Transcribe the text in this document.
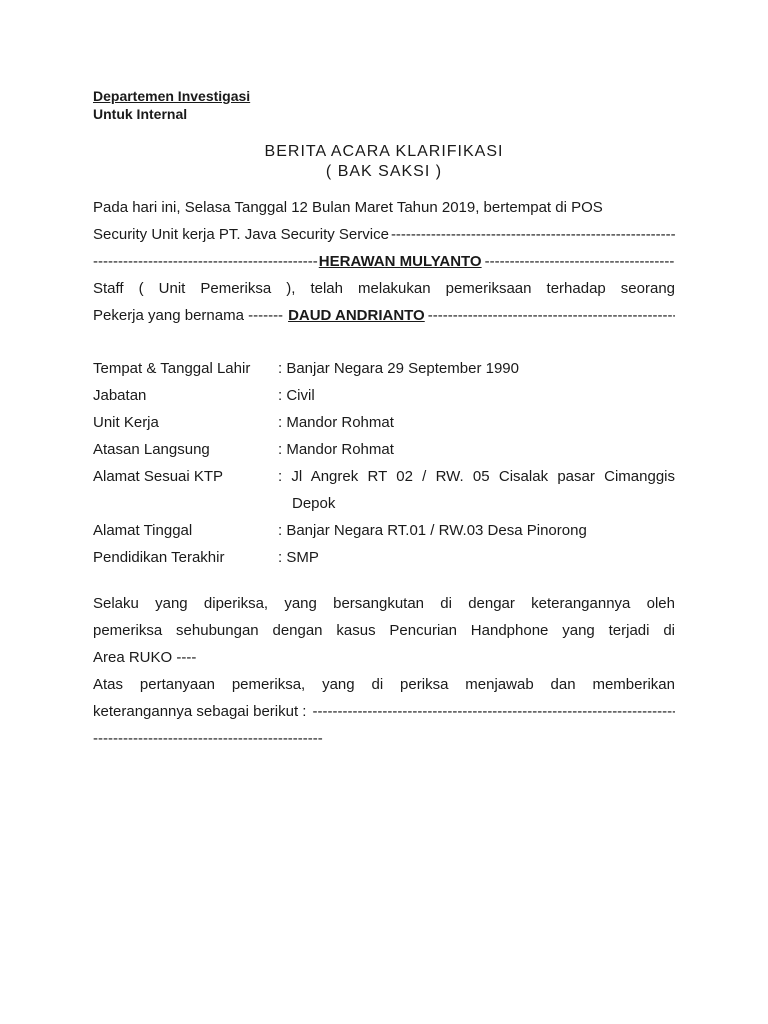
Departemen Investigasi
Untuk Internal
BERITA ACARA KLARIFIKASI
( BAK SAKSI )
Pada hari ini, Selasa Tanggal 12 Bulan Maret Tahun 2019, bertempat di POS
Security Unit kerja PT. Java Security Service
-----
--------------------------------------------- HERAWAN MULYANTO
-----
Staff ( Unit Pemeriksa ), telah melakukan pemeriksaan terhadap seorang
Pekerja yang bernama ------- DAUD ANDRIANTO
-----
Tempat & Tanggal Lahir : Banjar Negara 29 September 1990
Jabatan	: Civil
Unit Kerja	: Mandor Rohmat
Atasan Langsung	: Mandor Rohmat
Alamat Sesuai KTP	: Jl Angrek RT 02 / RW. 05 Cisalak pasar Cimanggis
Depok
Alamat Tinggal	: Banjar Negara RT.01 / RW.03 Desa Pinorong
Pendidikan Terakhir	: SMP
Selaku yang diperiksa, yang bersangkutan di dengar keterangannya oleh
pemeriksa sehubungan dengan kasus Pencurian Handphone yang terjadi di
Area RUKO ----
Atas pertanyaan pemeriksa, yang di periksa menjawab dan memberikan
keterangannya sebagai berikut :
-----
----------------------------------------------
